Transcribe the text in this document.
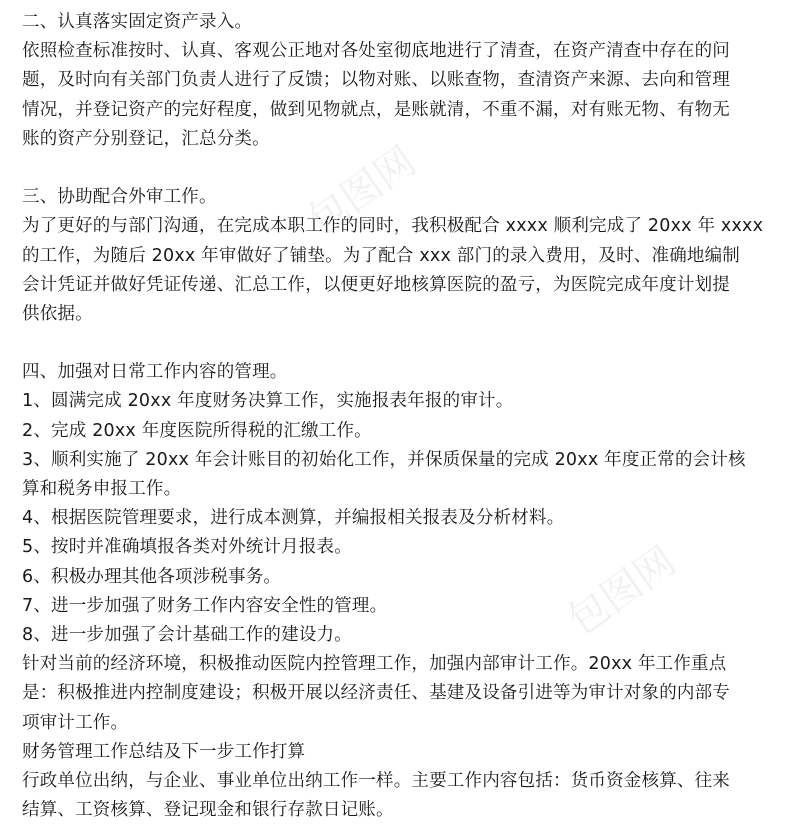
包图网
包图网
二、认真落实固定资产录入。
依照检查标准按时、认真、客观公正地对各处室彻底地进行了清查，在资产清查中存在的问
题，及时向有关部门负责人进行了反馈；以物对账、以账查物，查清资产来源、去向和管理
情况，并登记资产的完好程度，做到见物就点，是账就清，不重不漏，对有账无物、有物无
账的资产分别登记，汇总分类。
三、协助配合外审工作。
为了更好的与部门沟通，在完成本职工作的同时，我积极配合 xxxx 顺利完成了 20xx 年 xxxx
的工作，为随后 20xx 年审做好了铺垫。为了配合 xxx 部门的录入费用，及时、准确地编制
会计凭证并做好凭证传递、汇总工作，以便更好地核算医院的盈亏，为医院完成年度计划提
供依据。
四、加强对日常工作内容的管理。
1、圆满完成 20xx 年度财务决算工作，实施报表年报的审计。
2、完成 20xx 年度医院所得税的汇缴工作。
3、顺利实施了 20xx 年会计账目的初始化工作，并保质保量的完成 20xx 年度正常的会计核
算和税务申报工作。
4、根据医院管理要求，进行成本测算，并编报相关报表及分析材料。
5、按时并准确填报各类对外统计月报表。
6、积极办理其他各项涉税事务。
7、进一步加强了财务工作内容安全性的管理。
8、进一步加强了会计基础工作的建设力。
针对当前的经济环境，积极推动医院内控管理工作，加强内部审计工作。20xx 年工作重点
是：积极推进内控制度建设；积极开展以经济责任、基建及设备引进等为审计对象的内部专
项审计工作。
财务管理工作总结及下一步工作打算
行政单位出纳，与企业、事业单位出纳工作一样。主要工作内容包括：货币资金核算、往来
结算、工资核算、登记现金和银行存款日记账。
